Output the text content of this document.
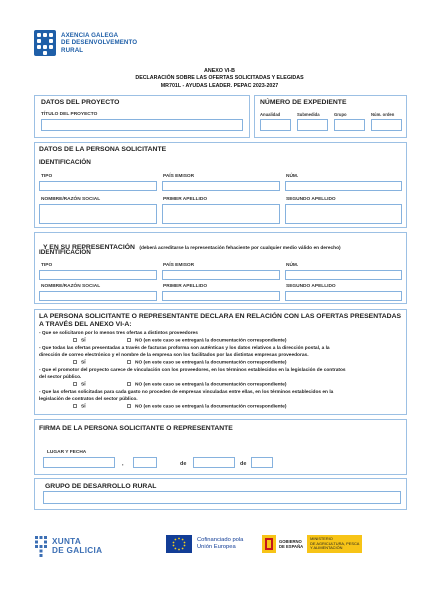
AXENCIA GALEGA
DE DESENVOLVEMENTO
RURAL
ANEXO VI-B
DECLARACIÓN SOBRE LAS OFERTAS SOLICITADAS Y ELEGIDAS
MR701L - AYUDAS LEADER. PEPAC 2023-2027
DATOS DEL PROYECTO
TÍTULO DEL PROYECTO
NÚMERO DE EXPEDIENTE
Anualidad	Submedida	Grupo	Núm. orden
DATOS DE LA PERSONA SOLICITANTE
IDENTIFICACIÓN
TIPO	PAÍS EMISOR	NÚM.
NOMBRE/RAZÓN SOCIAL	PRIMER APELLIDO	SEGUNDO APELLIDO
Y EN SU REPRESENTACIÓN (deberá acreditarse la representación fehaciente por cualquier medio válido en derecho)
IDENTIFICACIÓN
TIPO	PAÍS EMISOR	NÚM.
NOMBRE/RAZÓN SOCIAL	PRIMER APELLIDO	SEGUNDO APELLIDO
LA PERSONA SOLICITANTE O REPRESENTANTE DECLARA EN RELACIÓN CON LAS OFERTAS PRESENTADAS
A TRAVÉS DEL ANEXO VI-A:
- Que se solicitaron por lo menos tres ofertas a distintos proveedores
SÍ	NO (en este caso se entregará la documentación correspondiente)
- Que todas las ofertas presentadas a través de facturas proforma son auténticas y los datos relativos a la dirección postal, a la
dirección de correo electrónico y el nombre de la empresa son los facilitados por las distintas empresas proveedoras.
SÍ	NO (en este caso se entregará la documentación correspondiente)
- Que el promotor del proyecto carece de vinculación con los proveedores, en los términos establecidos en la legislación de contratos
del sector público.
SÍ	NO (en este caso se entregará la documentación correspondiente)
- Que las ofertas solicitadas para cada gasto no proceden de empresas vinculadas entre ellas, en los términos establecidos en la
legislación de contratos del sector público.
SÍ	NO (en este caso se entregará la documentación correspondiente)
FIRMA DE LA PERSONA SOLICITANTE O REPRESENTANTE
LUGAR Y FECHA
,	de	de
GRUPO DE DESARROLLO RURAL
XUNTA
DE GALICIA
Cofinanciado pola
Unión Europea
GOBIERNO
DE ESPAÑA
MINISTERIO
DE AGRICULTURA, PESCA
Y ALIMENTACIÓN
